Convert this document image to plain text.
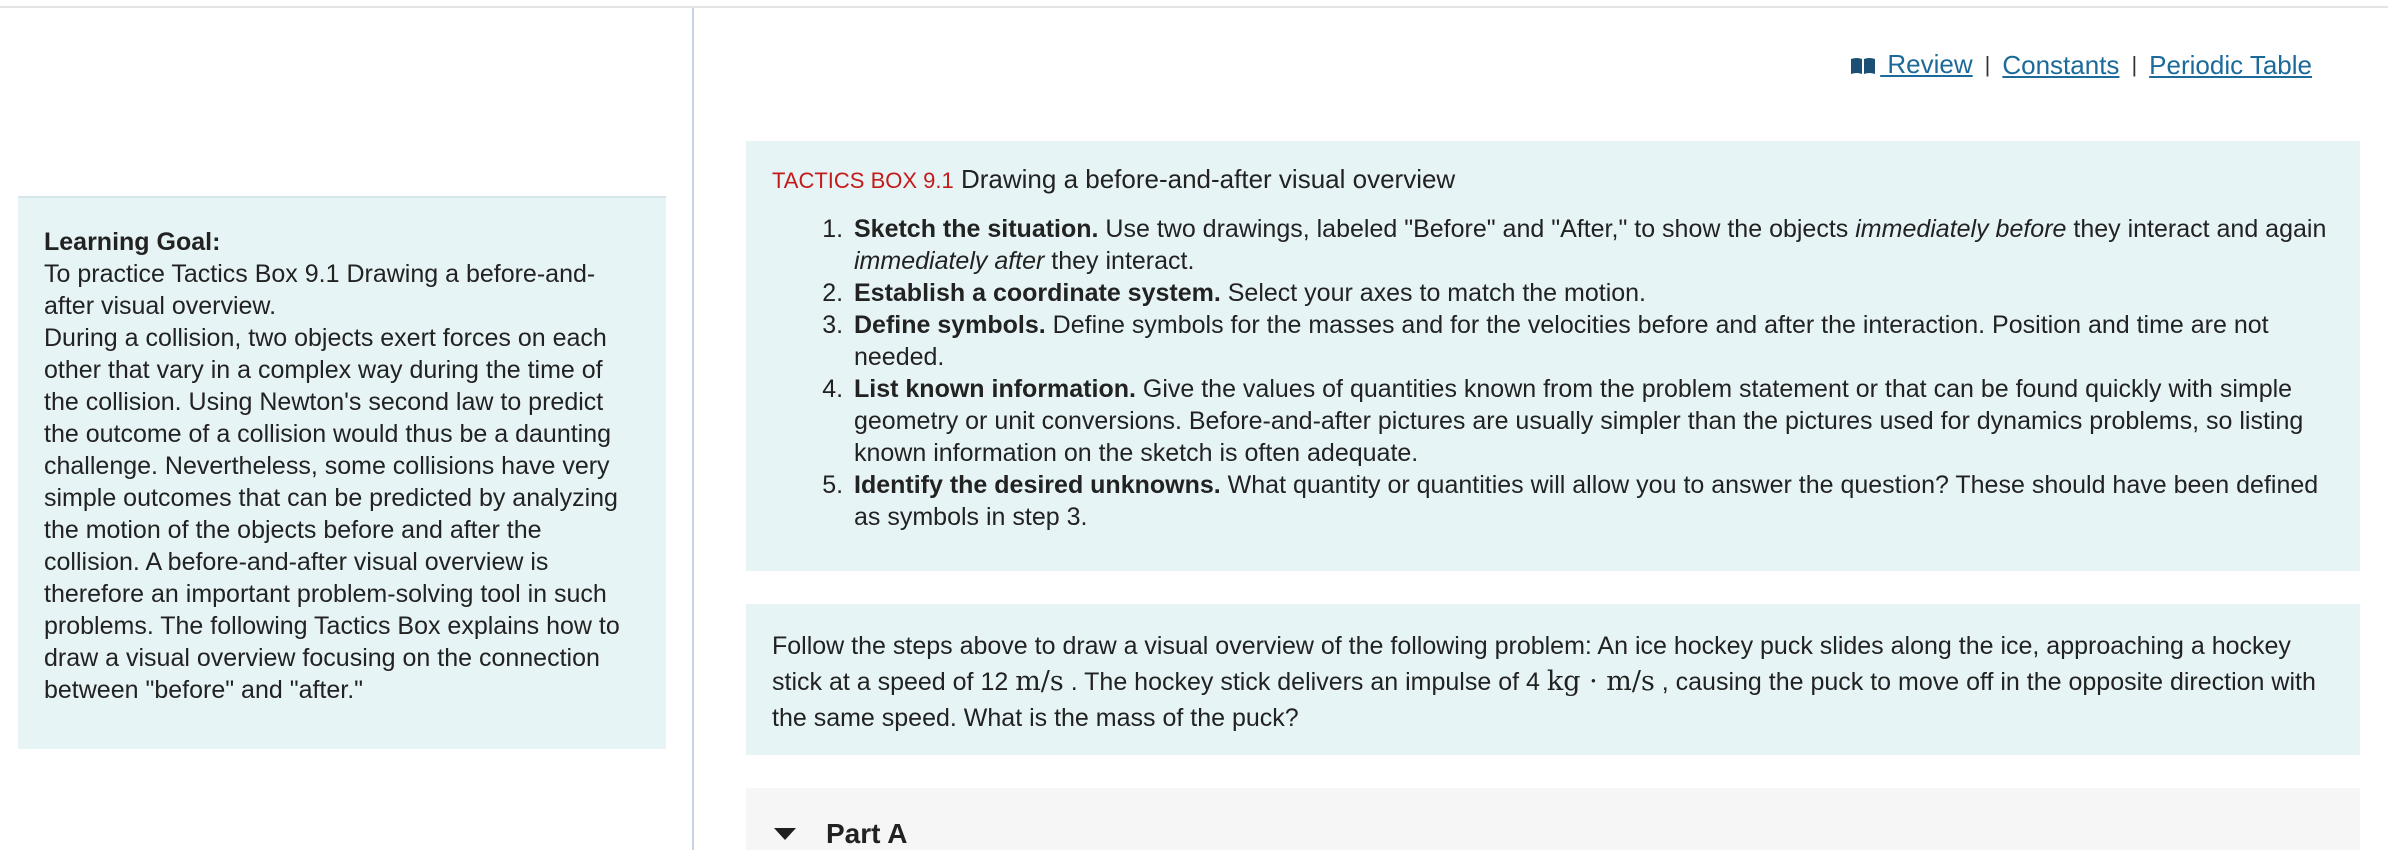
Learning Goal:

To practice Tactics Box 9.1 Drawing a before-and-after visual overview.

During a collision, two objects exert forces on each other that vary in a complex way during the time of the collision. Using Newton's second law to predict the outcome of a collision would thus be a daunting challenge. Nevertheless, some collisions have very simple outcomes that can be predicted by analyzing the motion of the objects before and after the collision. A before-and-after visual overview is therefore an important problem-solving tool in such problems. The following Tactics Box explains how to draw a visual overview focusing on the connection between "before" and "after."

Review | Constants | Periodic Table

TACTICS BOX 9.1 Drawing a before-and-after visual overview

1. Sketch the situation. Use two drawings, labeled "Before" and "After," to show the objects immediately before they interact and again immediately after they interact.
2. Establish a coordinate system. Select your axes to match the motion.
3. Define symbols. Define symbols for the masses and for the velocities before and after the interaction. Position and time are not needed.
4. List known information. Give the values of quantities known from the problem statement or that can be found quickly with simple geometry or unit conversions. Before-and-after pictures are usually simpler than the pictures used for dynamics problems, so listing known information on the sketch is often adequate.
5. Identify the desired unknowns. What quantity or quantities will allow you to answer the question? These should have been defined as symbols in step 3.
Follow the steps above to draw a visual overview of the following problem: An ice hockey puck slides along the ice, approaching a hockey stick at a speed of 12 m/s . The hockey stick delivers an impulse of 4 kg · m/s , causing the puck to move off in the opposite direction with the same speed. What is the mass of the puck?
Part A
